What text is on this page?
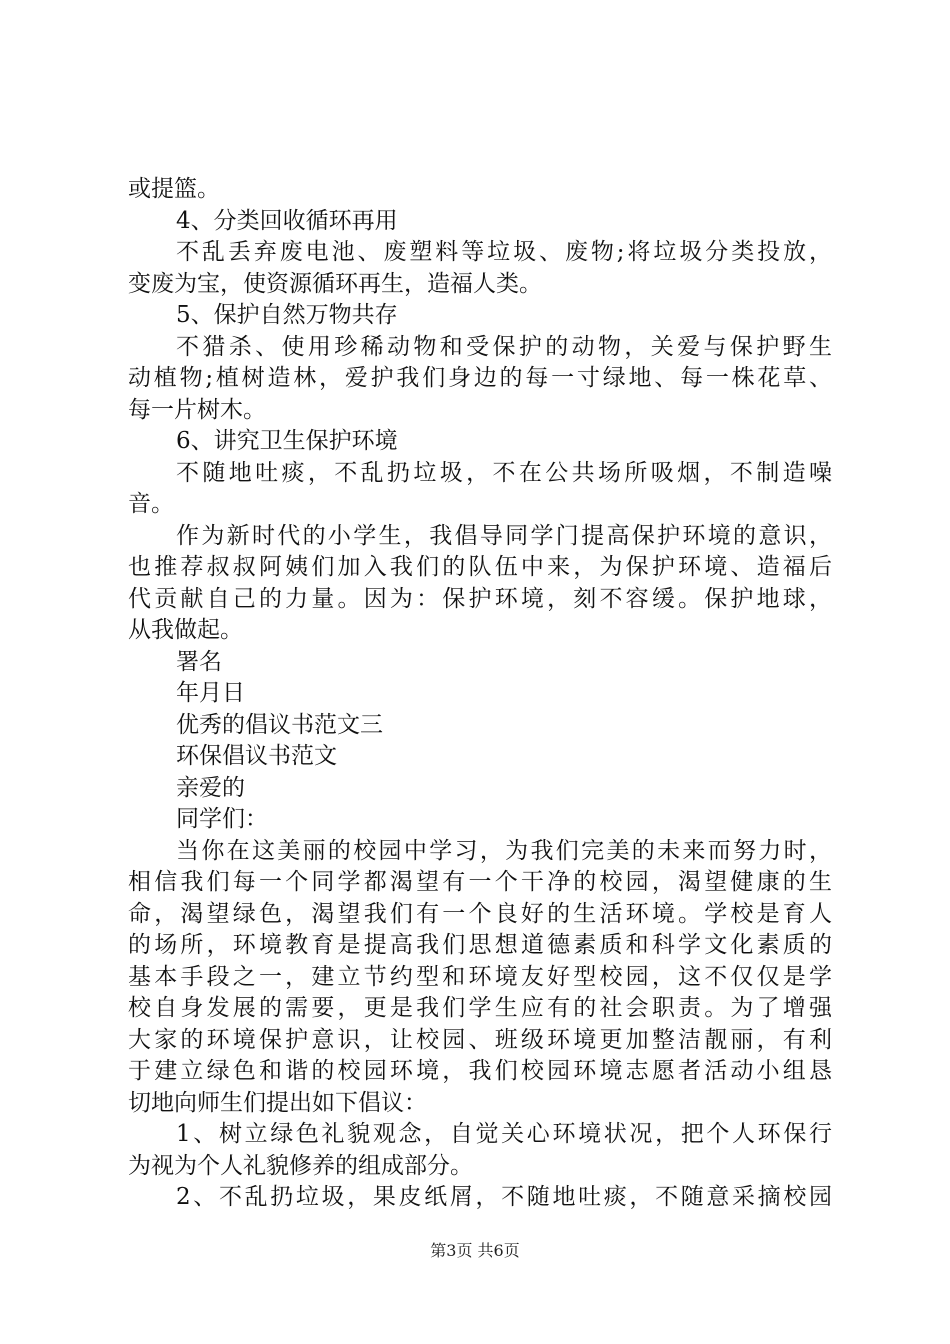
或提篮。
4、分类回收循环再用
不乱丢弃废电池、废塑料等垃圾、废物;将垃圾分类投放，
变废为宝，使资源循环再生，造福人类。
5、保护自然万物共存
不猎杀、使用珍稀动物和受保护的动物，关爱与保护野生
动植物;植树造林，爱护我们身边的每一寸绿地、每一株花草、
每一片树木。
6、讲究卫生保护环境
不随地吐痰，不乱扔垃圾，不在公共场所吸烟，不制造噪
音。
作为新时代的小学生，我倡导同学门提高保护环境的意识，
也推荐叔叔阿姨们加入我们的队伍中来，为保护环境、造福后
代贡献自己的力量。因为：保护环境，刻不容缓。保护地球，
从我做起。
署名
年月日
优秀的倡议书范文三
环保倡议书范文
亲爱的
同学们：
当你在这美丽的校园中学习，为我们完美的未来而努力时，
相信我们每一个同学都渴望有一个干净的校园，渴望健康的生
命，渴望绿色，渴望我们有一个良好的生活环境。学校是育人
的场所，环境教育是提高我们思想道德素质和科学文化素质的
基本手段之一，建立节约型和环境友好型校园，这不仅仅是学
校自身发展的需要，更是我们学生应有的社会职责。为了增强
大家的环境保护意识，让校园、班级环境更加整洁靓丽，有利
于建立绿色和谐的校园环境，我们校园环境志愿者活动小组恳
切地向师生们提出如下倡议：
1、树立绿色礼貌观念，自觉关心环境状况，把个人环保行
为视为个人礼貌修养的组成部分。
2、不乱扔垃圾，果皮纸屑，不随地吐痰，不随意采摘校园
第3页 共6页
